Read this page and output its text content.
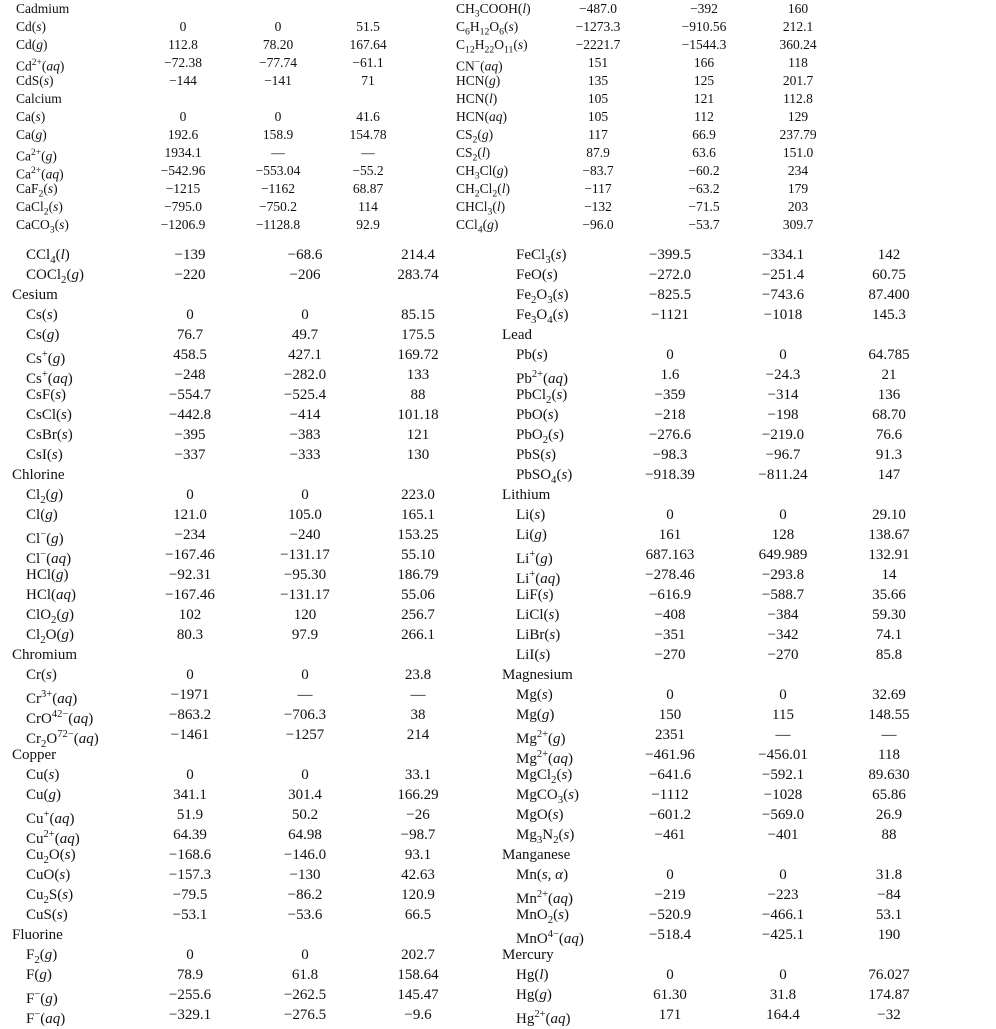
Cadmium
Cd(s)	0	0	51.5
Cd(g)	112.8	78.20	167.64
$Cd^{2+}(aq)$	−72.38	−77.74	−61.1
CdS(s)	−144	−141	71
Calcium
Ca(s)	0	0	41.6
Ca(g)	192.6	158.9	154.78
$Ca^{2+}(g)$	1934.1	—	—
$Ca^{2+}(aq)$	−542.96	−553.04	−55.2
CaF$_2$(s)	−1215	−1162	68.87
CaCl$_2$(s)	−795.0	−750.2	114
CaCO$_3$(s)	−1206.9	−1128.8	92.9
$CH_3COOH(l)$	−487.0	−392	160
$C_6H_{12}O_6(s)$	−1273.3	−910.56	212.1
$C_{12}H_{22}O_{11}(s)$	−2221.7	−1544.3	360.24
CN−(aq)	151	166	118
HCN(g)	135	125	201.7
HCN(l)	105	121	112.8
HCN(aq)	105	112	129
$CS_2(g)$	117	66.9	237.79
$CS_2(l)$	87.9	63.6	151.0
$CH_3Cl(g)$	−83.7	−60.2	234
$CH_2Cl_2(l)$	−117	−63.2	179
CHCl$_3$(l)	−132	−71.5	203
CCl$_4$(g)	−96.0	−53.7	309.7
CCl$_4$(l)	−139	−68.6	214.4
COCl$_2$(g)	−220	−206	283.74
Cesium
Cs(s)	0	0	85.15
Cs(g)	76.7	49.7	175.5
Cs+(g)	458.5	427.1	169.72
Cs+(aq)	−248	−282.0	133
CsF(s)	−554.7	−525.4	88
CsCl(s)	−442.8	−414	101.18
CsBr(s)	−395	−383	121
CsI(s)	−337	−333	130
Chlorine
$Cl_2(g)$	0	0	223.0
Cl(g)	121.0	105.0	165.1
Cl−(g)	−234	−240	153.25
Cl−(aq)	−167.46	−131.17	55.10
HCl(g)	−92.31	−95.30	186.79
HCl(aq)	−167.46	−131.17	55.06
ClO$_2$(g)	102	120	256.7
$Cl_2O(g)$	80.3	97.9	266.1
Chromium
Cr(s)	0	0	23.8
$Cr^{3+}(aq)$	−1971	—	—
CrO$^{42-}$(aq)	−863.2	−706.3	38
$Cr_2O^{72-}(aq)$	−1461	−1257	214
Copper
Cu(s)	0	0	33.1
Cu(g)	341.1	301.4	166.29
Cu+(aq)	51.9	50.2	−26
$Cu^{2+}(aq)$	64.39	64.98	−98.7
$Cu_2O(s)$	−168.6	−146.0	93.1
CuO(s)	−157.3	−130	42.63
$Cu_2S(s)$	−79.5	−86.2	120.9
CuS(s)	−53.1	−53.6	66.5
Fluorine
$F_2(g)$	0	0	202.7
F(g)	78.9	61.8	158.64
F−(g)	−255.6	−262.5	145.47
F−(aq)	−329.1	−276.5	−9.6
FeCl$_3$(s)	−399.5	−334.1	142
FeO(s)	−272.0	−251.4	60.75
$Fe_2O_3(s)$	−825.5	−743.6	87.400
$Fe_3O_4(s)$	−1121	−1018	145.3
Lead
Pb(s)	0	0	64.785
$Pb^{2+}(aq)$	1.6	−24.3	21
PbCl$_2$(s)	−359	−314	136
PbO(s)	−218	−198	68.70
PbO$_2$(s)	−276.6	−219.0	76.6
PbS(s)	−98.3	−96.7	91.3
PbSO$_4$(s)	−918.39	−811.24	147
Lithium
Li(s)	0	0	29.10
Li(g)	161	128	138.67
Li+(g)	687.163	649.989	132.91
Li+(aq)	−278.46	−293.8	14
LiF(s)	−616.9	−588.7	35.66
LiCl(s)	−408	−384	59.30
LiBr(s)	−351	−342	74.1
LiI(s)	−270	−270	85.8
Magnesium
Mg(s)	0	0	32.69
Mg(g)	150	115	148.55
$Mg^{2+}(g)$	2351	—	—
$Mg^{2+}(aq)$	−461.96	−456.01	118
MgCl$_2$(s)	−641.6	−592.1	89.630
MgCO$_3$(s)	−1112	−1028	65.86
MgO(s)	−601.2	−569.0	26.9
$Mg_3N_2(s)$	−461	−401	88
Manganese
Mn(s, α)	0	0	31.8
$Mn^{2+}(aq)$	−219	−223	−84
MnO$_2$(s)	−520.9	−466.1	53.1
MnO$^{4-}$(aq)	−518.4	−425.1	190
Mercury
Hg(l)	0	0	76.027
Hg(g)	61.30	31.8	174.87
$Hg^{2+}(aq)$	171	164.4	−32
